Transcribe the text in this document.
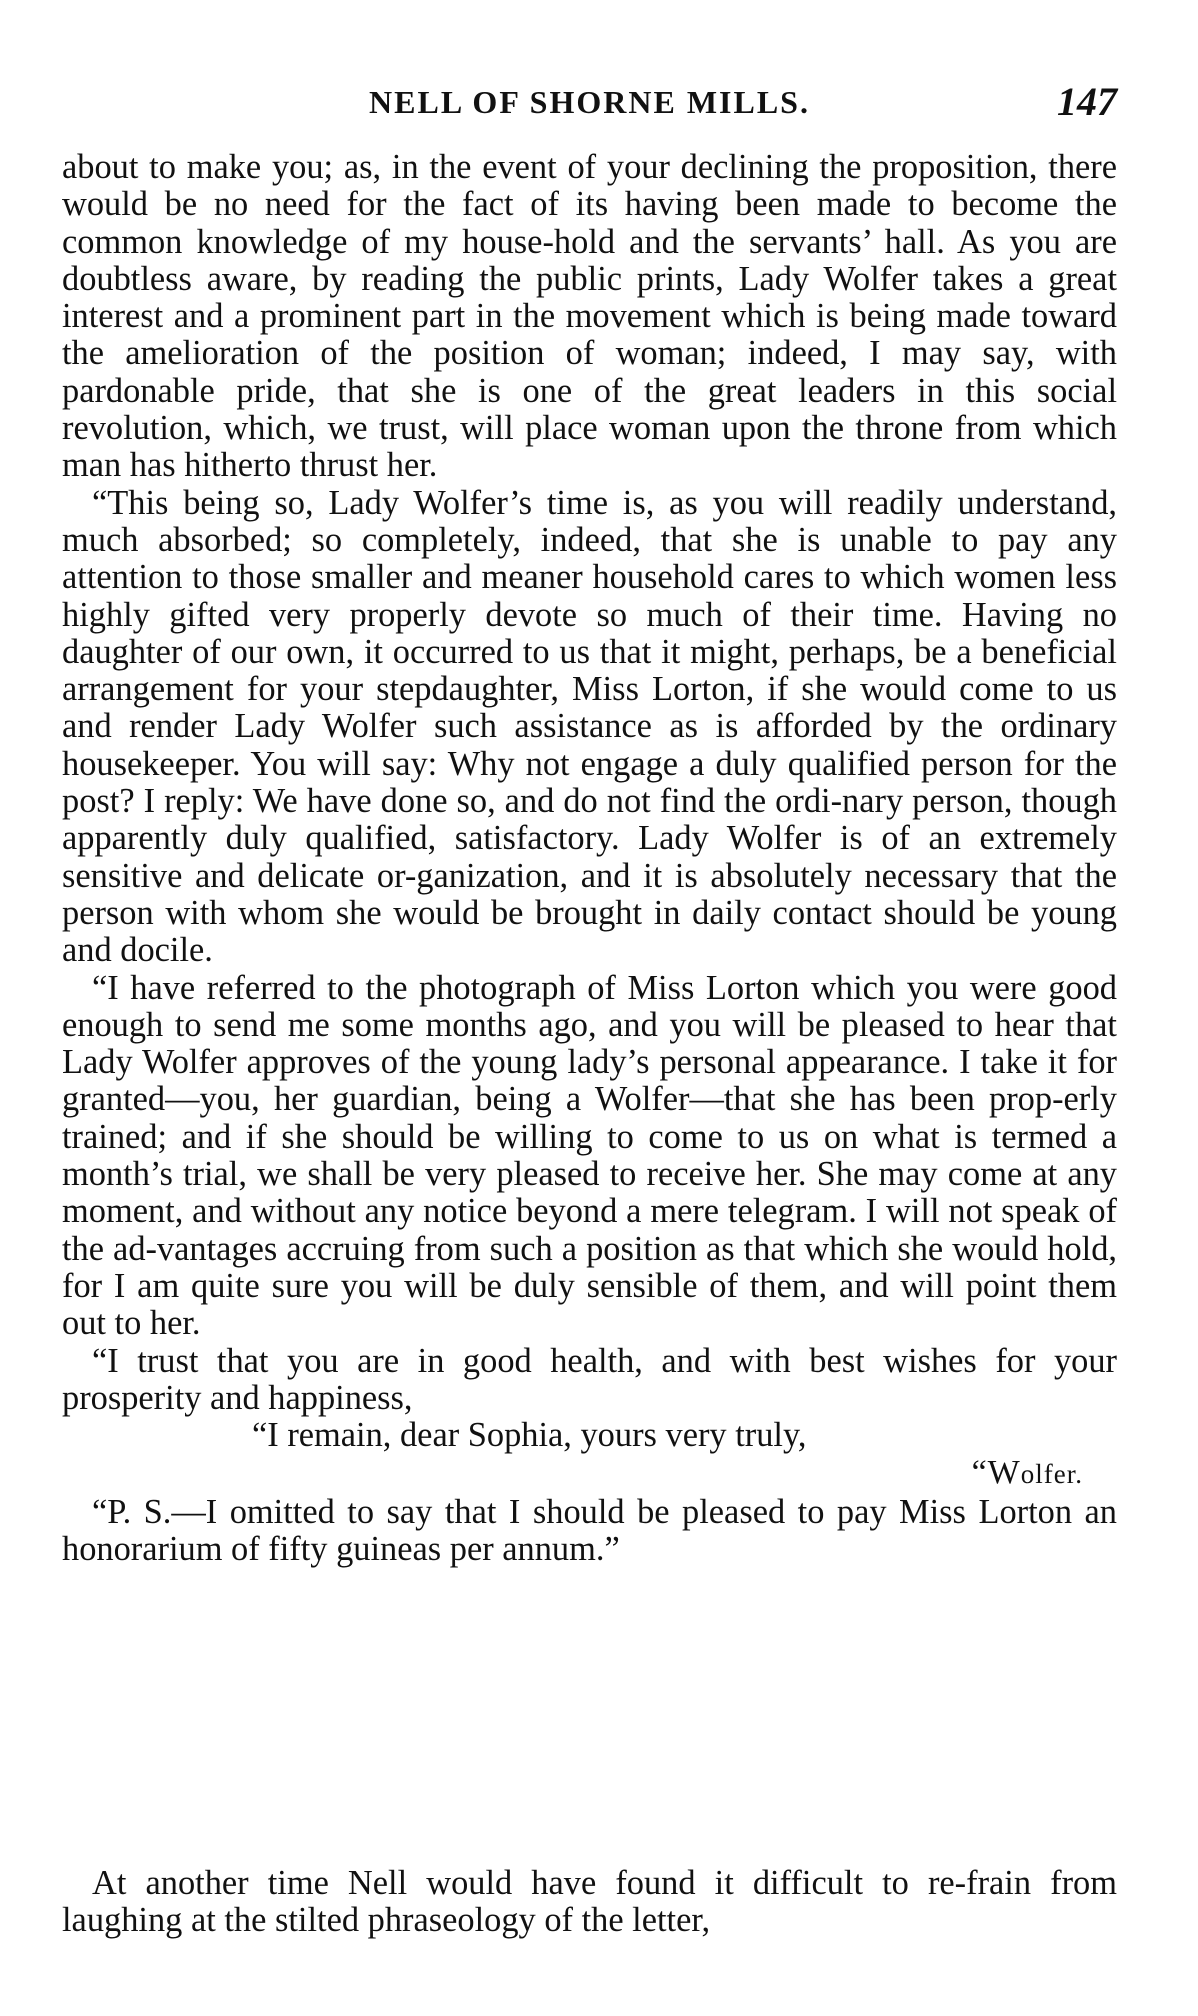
NELL OF SHORNE MILLS.	147

about to make you; as, in the event of your declining the proposition, there would be no need for the fact of its having been made to become the common knowledge of my house-hold and the servants’ hall. As you are doubtless aware, by reading the public prints, Lady Wolfer takes a great interest and a prominent part in the movement which is being made toward the amelioration of the position of woman; indeed, I may say, with pardonable pride, that she is one of the great leaders in this social revolution, which, we trust, will place woman upon the throne from which man has hitherto thrust her.

“This being so, Lady Wolfer’s time is, as you will readily understand, much absorbed; so completely, indeed, that she is unable to pay any attention to those smaller and meaner household cares to which women less highly gifted very properly devote so much of their time. Having no daughter of our own, it occurred to us that it might, perhaps, be a beneficial arrangement for your stepdaughter, Miss Lorton, if she would come to us and render Lady Wolfer such assistance as is afforded by the ordinary housekeeper. You will say: Why not engage a duly qualified person for the post? I reply: We have done so, and do not find the ordi-nary person, though apparently duly qualified, satisfactory. Lady Wolfer is of an extremely sensitive and delicate or-ganization, and it is absolutely necessary that the person with whom she would be brought in daily contact should be young and docile.

“I have referred to the photograph of Miss Lorton which you were good enough to send me some months ago, and you will be pleased to hear that Lady Wolfer approves of the young lady’s personal appearance. I take it for granted—you, her guardian, being a Wolfer—that she has been prop-erly trained; and if she should be willing to come to us on what is termed a month’s trial, we shall be very pleased to receive her. She may come at any moment, and without any notice beyond a mere telegram. I will not speak of the ad-vantages accruing from such a position as that which she would hold, for I am quite sure you will be duly sensible of them, and will point them out to her.

“I trust that you are in good health, and with best wishes for your prosperity and happiness,

“I remain, dear Sophia, yours very truly,

“Wolfer.

“P. S.—I omitted to say that I should be pleased to pay Miss Lorton an honorarium of fifty guineas per annum.”

At another time Nell would have found it difficult to re-frain from laughing at the stilted phraseology of the letter,
